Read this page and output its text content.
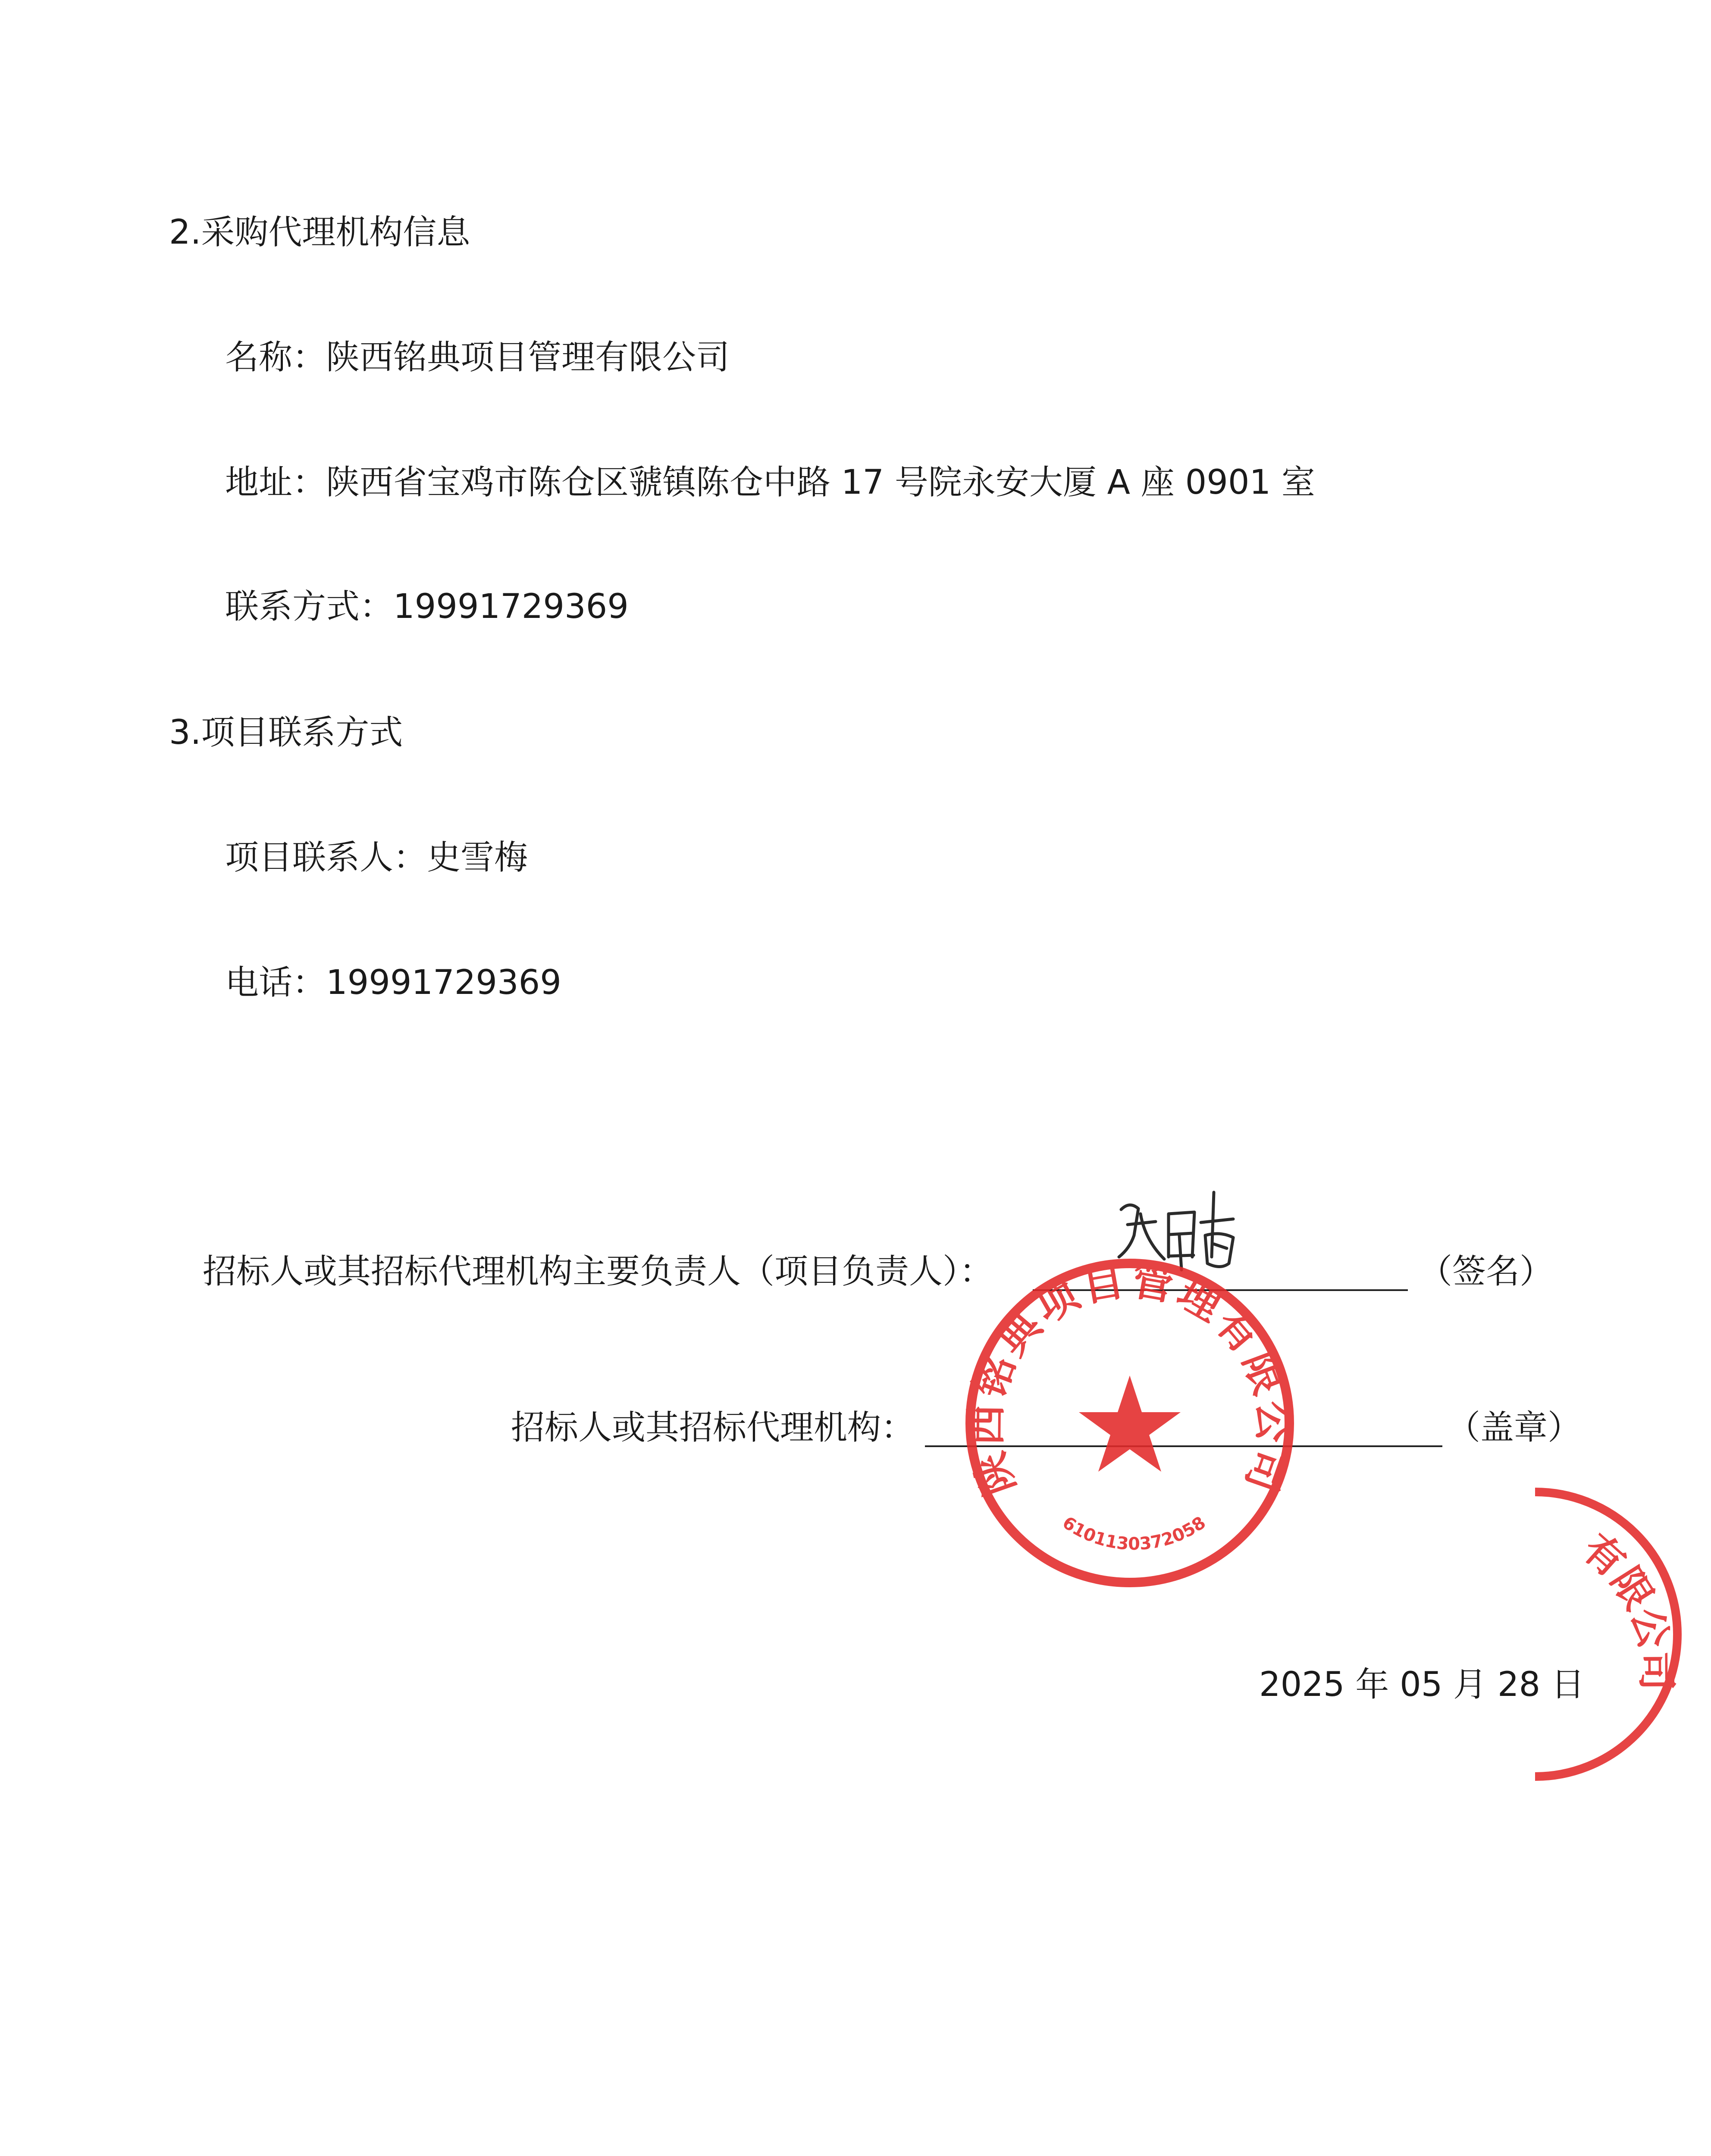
2.采购代理机构信息
名称：陕西铭典项目管理有限公司
地址：陕西省宝鸡市陈仓区虢镇陈仓中路 17 号院永安大厦 A 座 0901 室
联系方式：19991729369
3.项目联系方式
项目联系人：史雪梅
电话：19991729369
招标人或其招标代理机构主要负责人（项目负责人）：	（签名）
招标人或其招标代理机构：	（盖章）
2025 年 05 月 28 日
陕西铭典项目管理有限公司
6101130372058
有限公司
